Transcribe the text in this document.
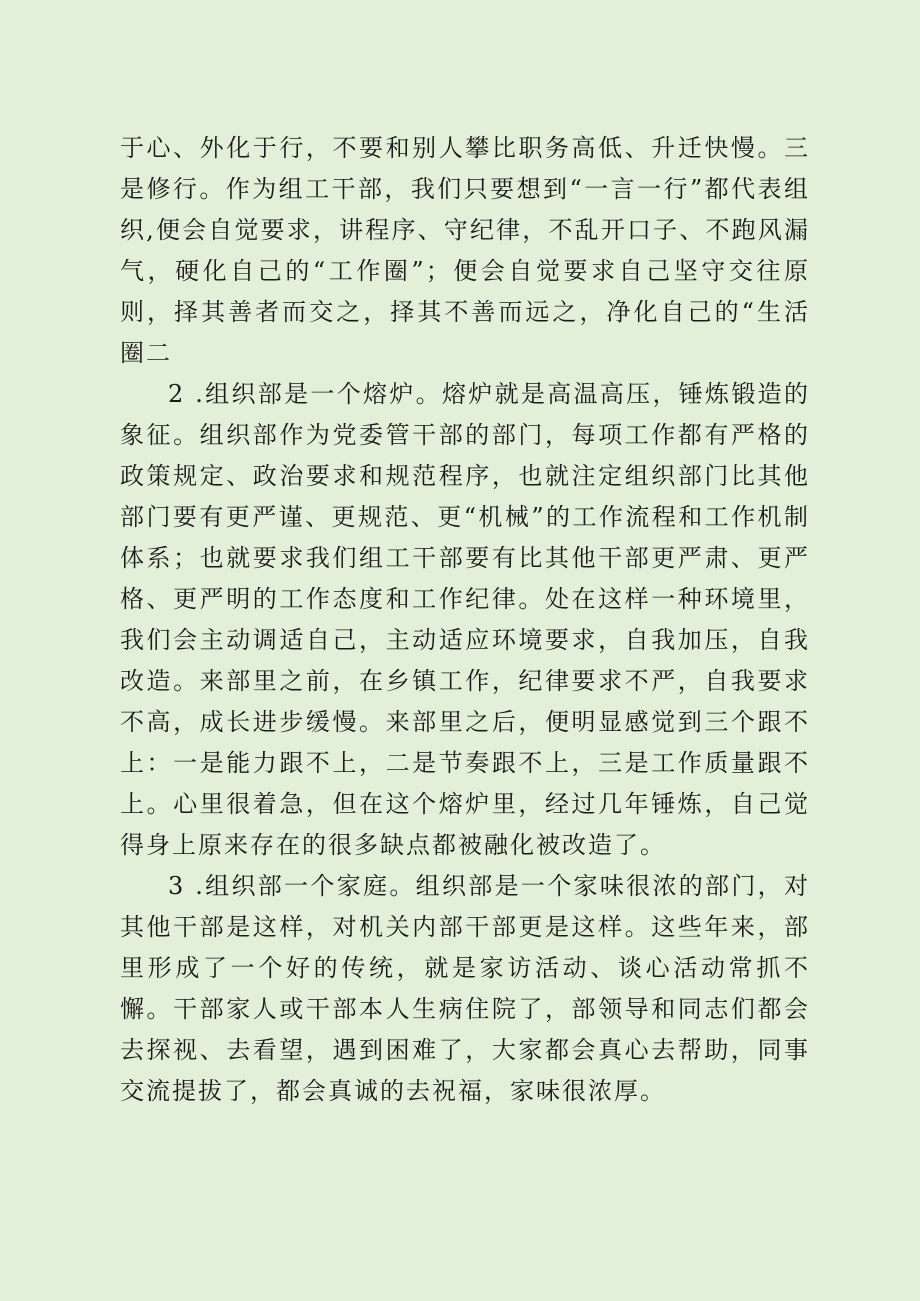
于心、外化于行，不要和别人攀比职务高低、升迁快慢。三是修行。作为组工干部，我们只要想到“一言一行”都代表组织,便会自觉要求，讲程序、守纪律，不乱开口子、不跑风漏气，硬化自己的“工作圈”；便会自觉要求自己坚守交往原则，择其善者而交之，择其不善而远之，净化自己的“生活圈二

2 .组织部是一个熔炉。熔炉就是高温高压，锤炼锻造的象征。组织部作为党委管干部的部门，每项工作都有严格的政策规定、政治要求和规范程序，也就注定组织部门比其他部门要有更严谨、更规范、更“机械”的工作流程和工作机制体系；也就要求我们组工干部要有比其他干部更严肃、更严格、更严明的工作态度和工作纪律。处在这样一种环境里，我们会主动调适自己，主动适应环境要求，自我加压，自我改造。来部里之前，在乡镇工作，纪律要求不严，自我要求不高，成长进步缓慢。来部里之后，便明显感觉到三个跟不上：一是能力跟不上，二是节奏跟不上，三是工作质量跟不上。心里很着急，但在这个熔炉里，经过几年锤炼，自己觉得身上原来存在的很多缺点都被融化被改造了。

3 .组织部一个家庭。组织部是一个家味很浓的部门，对其他干部是这样，对机关内部干部更是这样。这些年来，部里形成了一个好的传统，就是家访活动、谈心活动常抓不懈。干部家人或干部本人生病住院了，部领导和同志们都会去探视、去看望，遇到困难了，大家都会真心去帮助，同事交流提拔了，都会真诚的去祝福，家味很浓厚。
